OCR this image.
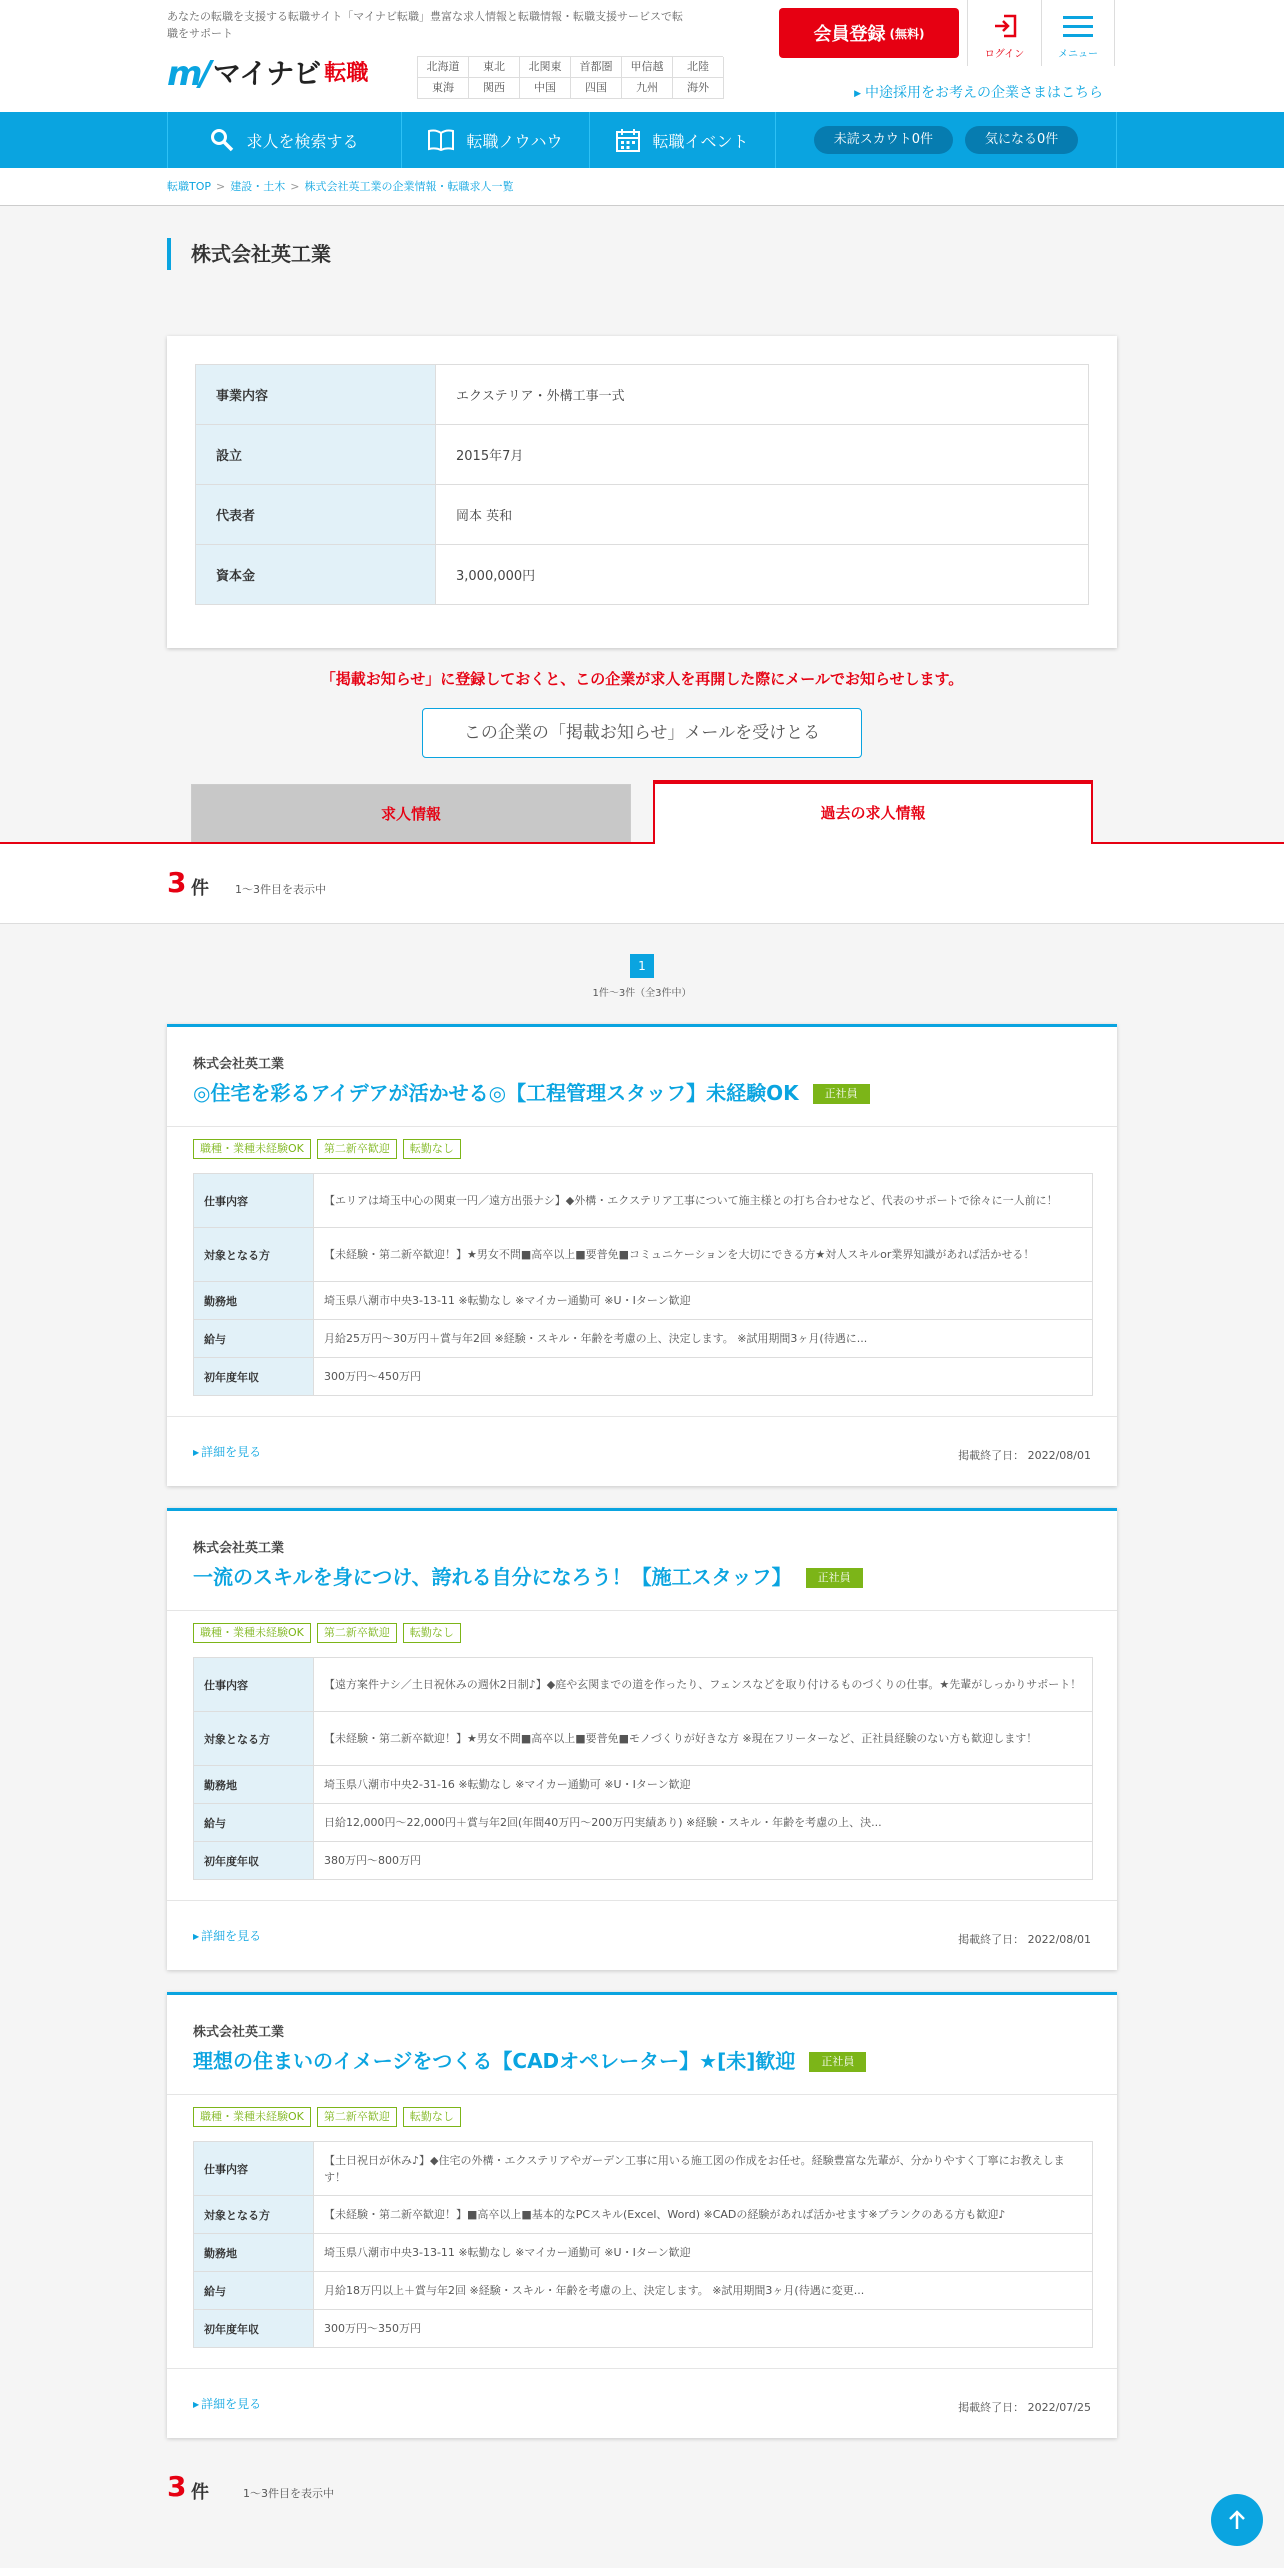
あなたの転職を支援する転職サイト「マイナビ転職」豊富な求人情報と転職情報・転職支援サービスで転職をサポート

m/ マイナビ 転職	北海道	東北	北関東	首都圏	甲信越	北陸
東海	関西	中国	四国	九州	海外
会員登録 (無料)
ログイン	メニュー
▶ 中途採用をお考えの企業さまはこちら
求人を検索する	転職ノウハウ	転職イベント	未読スカウト0件	気になる0件
転職TOP > 建設・土木 > 株式会社英工業の企業情報・転職求人一覧
株式会社英工業
事業内容	エクステリア・外構工事一式
設立	2015年7月
代表者	岡本 英和
資本金	3,000,000円

「掲載お知らせ」に登録しておくと、この企業が求人を再開した際にメールでお知らせします。

この企業の「掲載お知らせ」メールを受けとる
求人情報	過去の求人情報
3 件 1〜3件目を表示中
1

1件〜3件（全3件中）

株式会社英工業

◎住宅を彩るアイデアが活かせる◎【工程管理スタッフ】未経験OK 正社員

職種・業種未経験OK	第二新卒歓迎	転勤なし
仕事内容	【エリアは埼玉中心の関東一円／遠方出張ナシ】◆外構・エクステリア工事について施主様との打ち合わせなど、代表のサポートで徐々に一人前に！
対象となる方	【未経験・第二新卒歓迎！】★男女不問■高卒以上■要普免■コミュニケーションを大切にできる方★対人スキルor業界知識があれば活かせる！
勤務地	埼玉県八潮市中央3-13-11 ※転勤なし ※マイカー通勤可 ※U・Iターン歓迎
給与	月給25万円〜30万円＋賞与年2回 ※経験・スキル・年齢を考慮の上、決定します。 ※試用期間3ヶ月(待遇に...
初年度年収	300万円～450万円
▶ 詳細を見る	掲載終了日： 2022/08/01

株式会社英工業

一流のスキルを身につけ、誇れる自分になろう！【施工スタッフ】 正社員

職種・業種未経験OK	第二新卒歓迎	転勤なし
仕事内容	【遠方案件ナシ／土日祝休みの週休2日制♪】◆庭や玄関までの道を作ったり、フェンスなどを取り付けるものづくりの仕事。★先輩がしっかりサポート！
対象となる方	【未経験・第二新卒歓迎！】★男女不問■高卒以上■要普免■モノづくりが好きな方 ※現在フリーターなど、正社員経験のない方も歓迎します！
勤務地	埼玉県八潮市中央2-31-16 ※転勤なし ※マイカー通勤可 ※U・Iターン歓迎
給与	日給12,000円〜22,000円＋賞与年2回(年間40万円〜200万円実績あり) ※経験・スキル・年齢を考慮の上、決...
初年度年収	380万円～800万円
▶ 詳細を見る	掲載終了日： 2022/08/01

株式会社英工業

理想の住まいのイメージをつくる【CADオペレーター】★[未]歓迎 正社員

職種・業種未経験OK	第二新卒歓迎	転勤なし
仕事内容	【土日祝日が休み♪】◆住宅の外構・エクステリアやガーデン工事に用いる施工図の作成をお任せ。経験豊富な先輩が、分かりやすく丁寧にお教えします！
対象となる方	【未経験・第二新卒歓迎！】■高卒以上■基本的なPCスキル(Excel、Word) ※CADの経験があれば活かせます※ブランクのある方も歓迎♪
勤務地	埼玉県八潮市中央3-13-11 ※転勤なし ※マイカー通勤可 ※U・Iターン歓迎
給与	月給18万円以上＋賞与年2回 ※経験・スキル・年齢を考慮の上、決定します。 ※試用期間3ヶ月(待遇に変更...
初年度年収	300万円～350万円
▶ 詳細を見る	掲載終了日： 2022/07/25
3 件	1〜3件目を表示中
